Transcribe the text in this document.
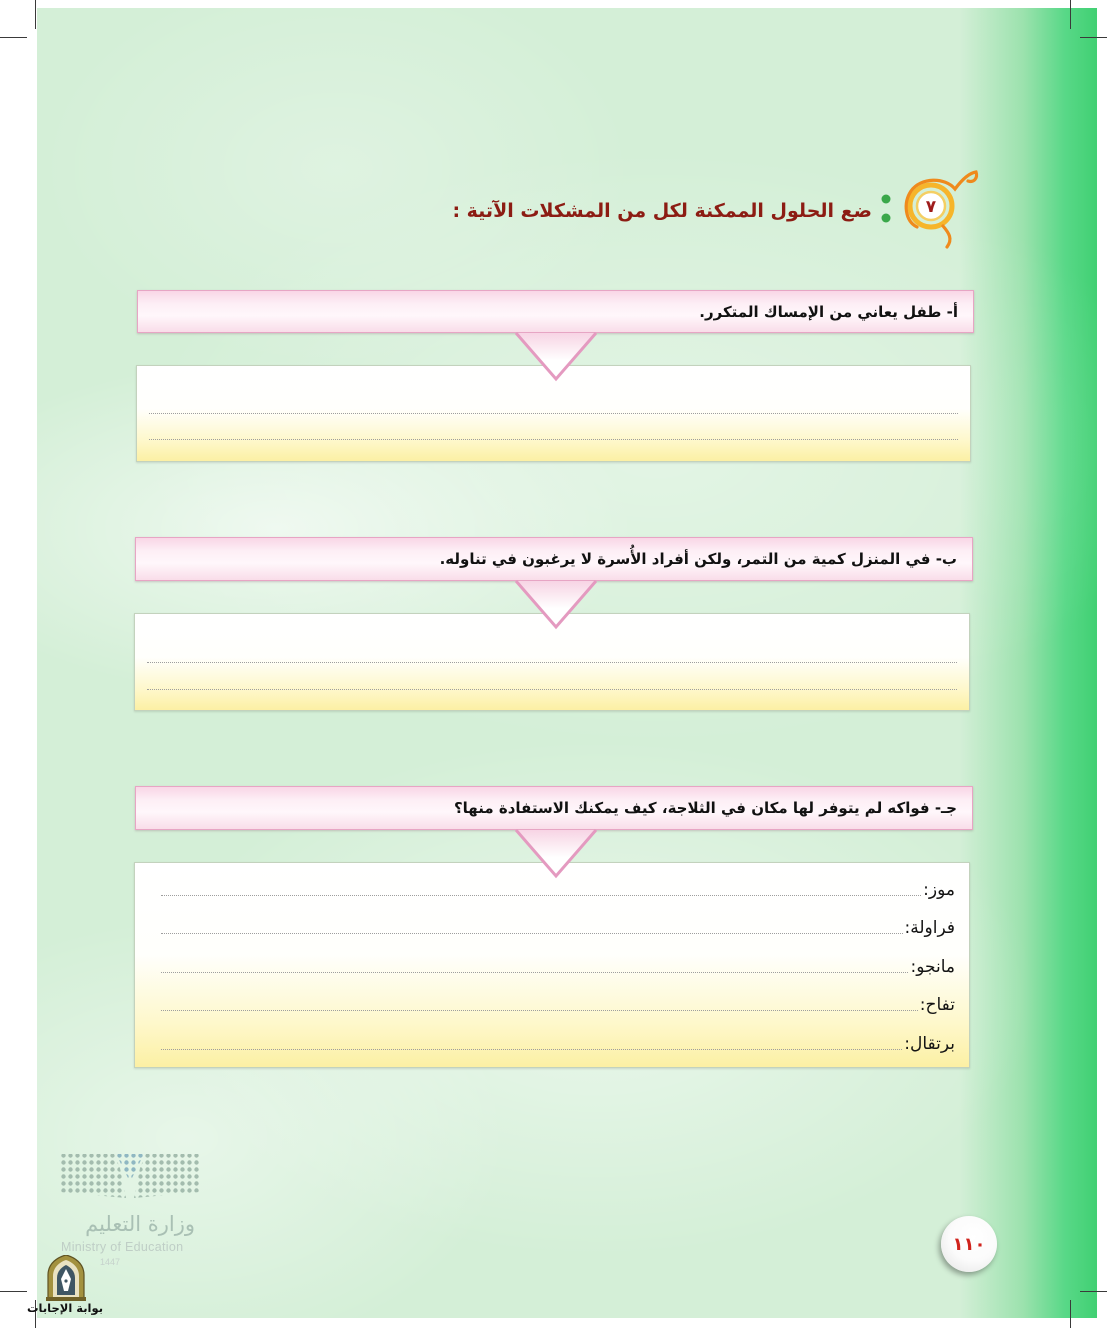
٧
ضع الحلول الممكنة لكل من المشكلات الآتية :
أ- طفل يعاني من الإمساك المتكرر.
ب- في المنزل كمية من التمر، ولكن أفراد الأُسرة لا يرغبون في تناوله.
جـ- فواكه لم يتوفر لها مكان في الثلاجة، كيف يمكنك الاستفادة منها؟
موز:
فراولة:
مانجو:
تفاح:
برتقال:
١١٠
وزارة التعليم
Ministry of Education
1447
بوابة الإجابات
